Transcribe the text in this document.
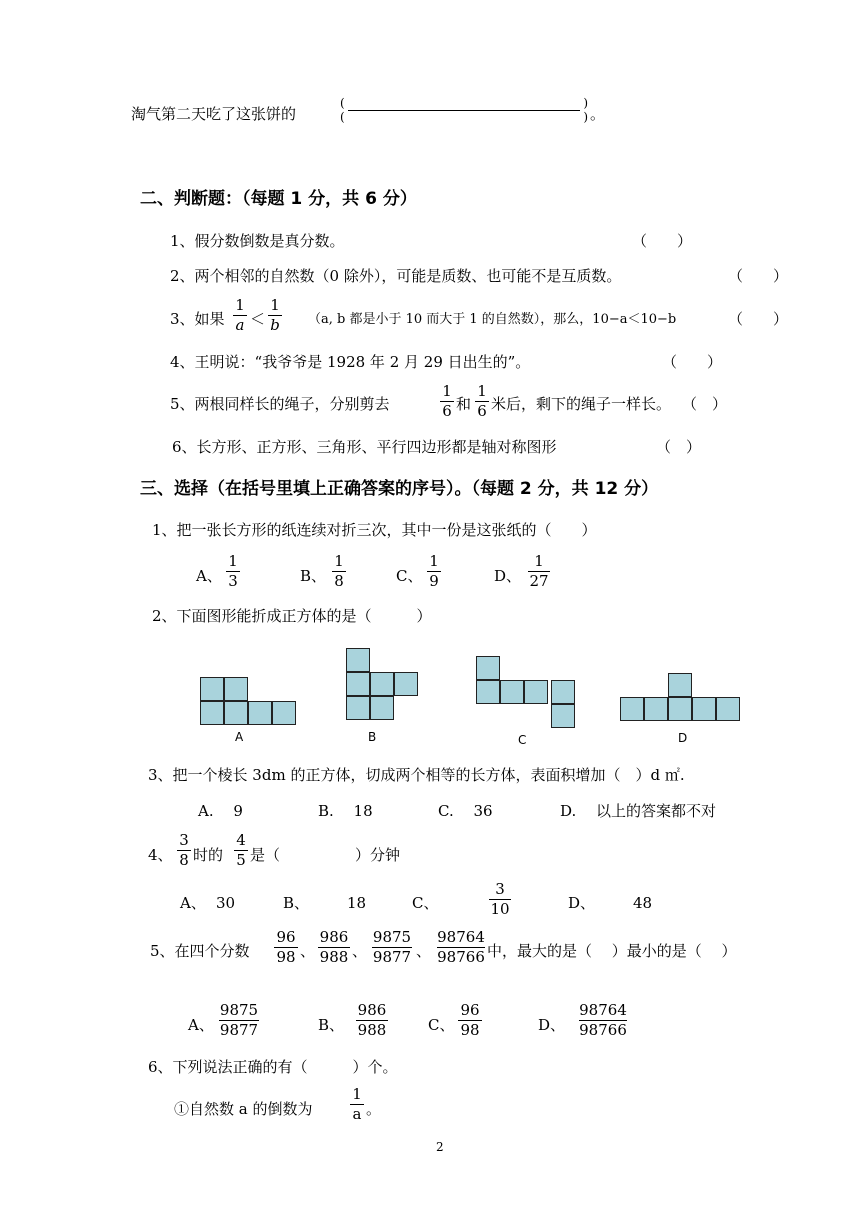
淘气第二天吃了这张饼的
(	)
(	) 。
二、判断题：（每题 1 分，共 6 分）
1、假分数倒数是真分数。	（　　）
2、两个相邻的自然数（0 除外），可能是质数、也可能不是互质数。	（　　）
3、如果
1
a ＜
1
b （a, b 都是小于 10 而大于 1 的自然数），那么，10−a＜10−b	（　　）
4、王明说：“我爷爷是 1928 年 2 月 29 日出生的”。	（　　）
5、两根同样长的绳子，分别剪去
1
6 和
1
6 米后，剩下的绳子一样长。 （　）
6、长方形、正方形、三角形、平行四边形都是轴对称图形	（　）
三、选择（在括号里填上正确答案的序号）。（每题 2 分，共 12 分）
1、把一张长方形的纸连续对折三次，其中一份是这张纸的（　　）
A、
1
3	B、
1
8	C、
1
9	D、
1
27
2、下面图形能折成正方体的是（　　　）
A	B	C	D
3、把一个棱长 3dm 的正方体，切成两个相等的长方体，表面积增加（　）d ㎡.
A.　 9	B.　 18	C.　 36	D.　 以上的答案都不对
4、
3
8 时的
4
5 是（　　　　　）分钟
A、 30	B、	18	C、
3
10	D、	48
5、在四个分数
96
98 、
986
988 、
9875
9877 、
98764
98766 中，最大的是（　 ）最小的是（　 ）
A、
9875
9877	B、
986
988	C、
96
98	D、
98764
98766
6、下列说法正确的有（　　　）个。
①自然数 a 的倒数为
1
a 。
2
